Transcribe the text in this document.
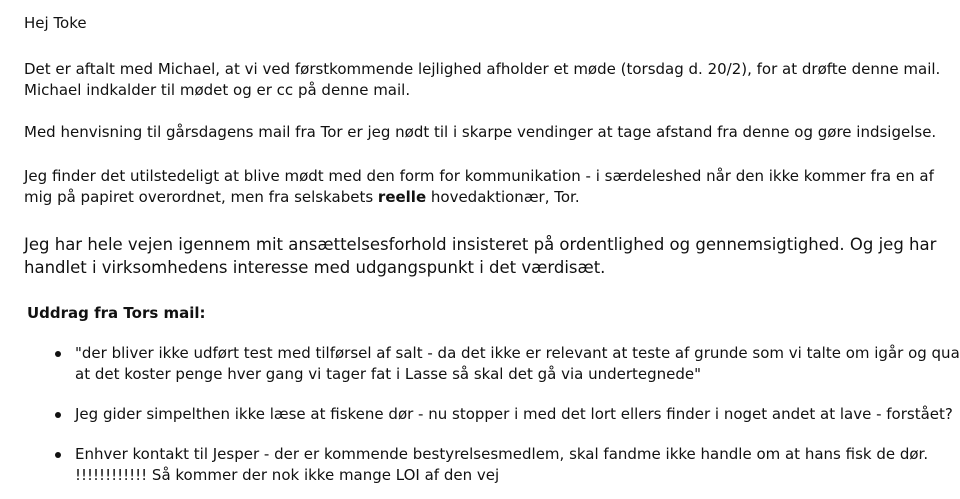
Hej Toke

Det er aftalt med Michael, at vi ved førstkommende lejlighed afholder et møde (torsdag d. 20/2), for at drøfte denne mail.

Michael indkalder til mødet og er cc på denne mail.

Med henvisning til gårsdagens mail fra Tor er jeg nødt til i skarpe vendinger at tage afstand fra denne og gøre indsigelse.

Jeg finder det utilstedeligt at blive mødt med den form for kommunikation - i særdeleshed når den ikke kommer fra en af

mig på papiret overordnet, men fra selskabets reelle hovedaktionær, Tor.

Jeg har hele vejen igennem mit ansættelsesforhold insisteret på ordentlighed og gennemsigtighed. Og jeg har

handlet i virksomhedens interesse med udgangspunkt i det værdisæt.

Uddrag fra Tors mail:

"der bliver ikke udført test med tilførsel af salt - da det ikke er relevant at teste af grunde som vi talte om igår og qua

at det koster penge hver gang vi tager fat i Lasse så skal det gå via undertegnede"

Jeg gider simpelthen ikke læse at fiskene dør - nu stopper i med det lort ellers finder i noget andet at lave - forstået?

Enhver kontakt til Jesper - der er kommende bestyrelsesmedlem, skal fandme ikke handle om at hans fisk de dør.

!!!!!!!!!!!! Så kommer der nok ikke mange LOI af den vej
